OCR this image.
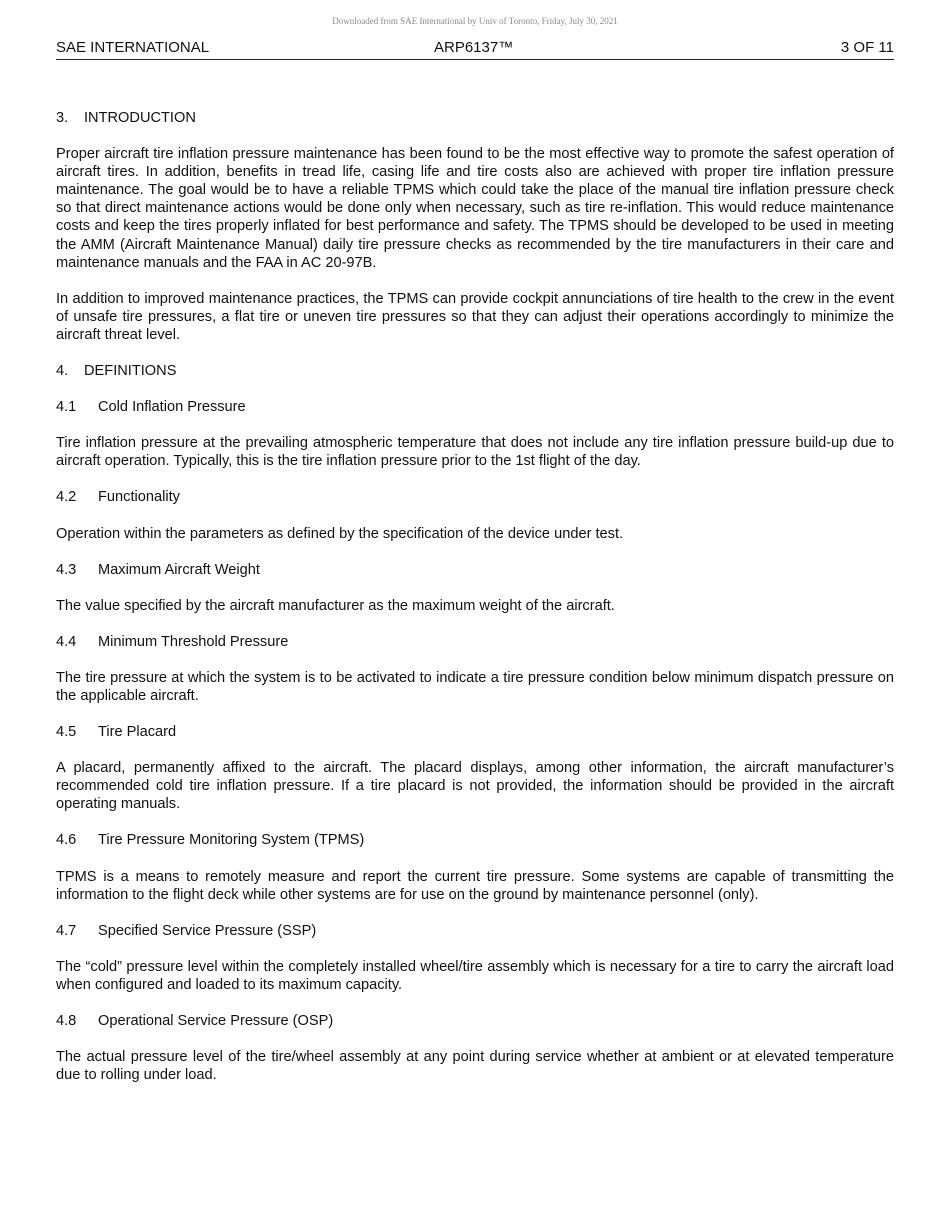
Downloaded from SAE International by Univ of Toronto, Friday, July 30, 2021
SAE INTERNATIONAL	ARP6137™	3 OF 11
3. INTRODUCTION

Proper aircraft tire inflation pressure maintenance has been found to be the most effective way to promote the safest operation of aircraft tires. In addition, benefits in tread life, casing life and tire costs also are achieved with proper tire inflation pressure maintenance. The goal would be to have a reliable TPMS which could take the place of the manual tire inflation pressure check so that direct maintenance actions would be done only when necessary, such as tire re-inflation. This would reduce maintenance costs and keep the tires properly inflated for best performance and safety. The TPMS should be developed to be used in meeting the AMM (Aircraft Maintenance Manual) daily tire pressure checks as recommended by the tire manufacturers in their care and maintenance manuals and the FAA in AC 20-97B.

In addition to improved maintenance practices, the TPMS can provide cockpit annunciations of tire health to the crew in the event of unsafe tire pressures, a flat tire or uneven tire pressures so that they can adjust their operations accordingly to minimize the aircraft threat level.

4. DEFINITIONS
4.1 Cold Inflation Pressure

Tire inflation pressure at the prevailing atmospheric temperature that does not include any tire inflation pressure build-up due to aircraft operation. Typically, this is the tire inflation pressure prior to the 1st flight of the day.

4.2 Functionality

Operation within the parameters as defined by the specification of the device under test.

4.3 Maximum Aircraft Weight

The value specified by the aircraft manufacturer as the maximum weight of the aircraft.

4.4 Minimum Threshold Pressure

The tire pressure at which the system is to be activated to indicate a tire pressure condition below minimum dispatch pressure on the applicable aircraft.

4.5 Tire Placard

A placard, permanently affixed to the aircraft. The placard displays, among other information, the aircraft manufacturer’s recommended cold tire inflation pressure. If a tire placard is not provided, the information should be provided in the aircraft operating manuals.

4.6 Tire Pressure Monitoring System (TPMS)

TPMS is a means to remotely measure and report the current tire pressure. Some systems are capable of transmitting the information to the flight deck while other systems are for use on the ground by maintenance personnel (only).

4.7 Specified Service Pressure (SSP)

The “cold” pressure level within the completely installed wheel/tire assembly which is necessary for a tire to carry the aircraft load when configured and loaded to its maximum capacity.

4.8 Operational Service Pressure (OSP)

The actual pressure level of the tire/wheel assembly at any point during service whether at ambient or at elevated temperature due to rolling under load.
